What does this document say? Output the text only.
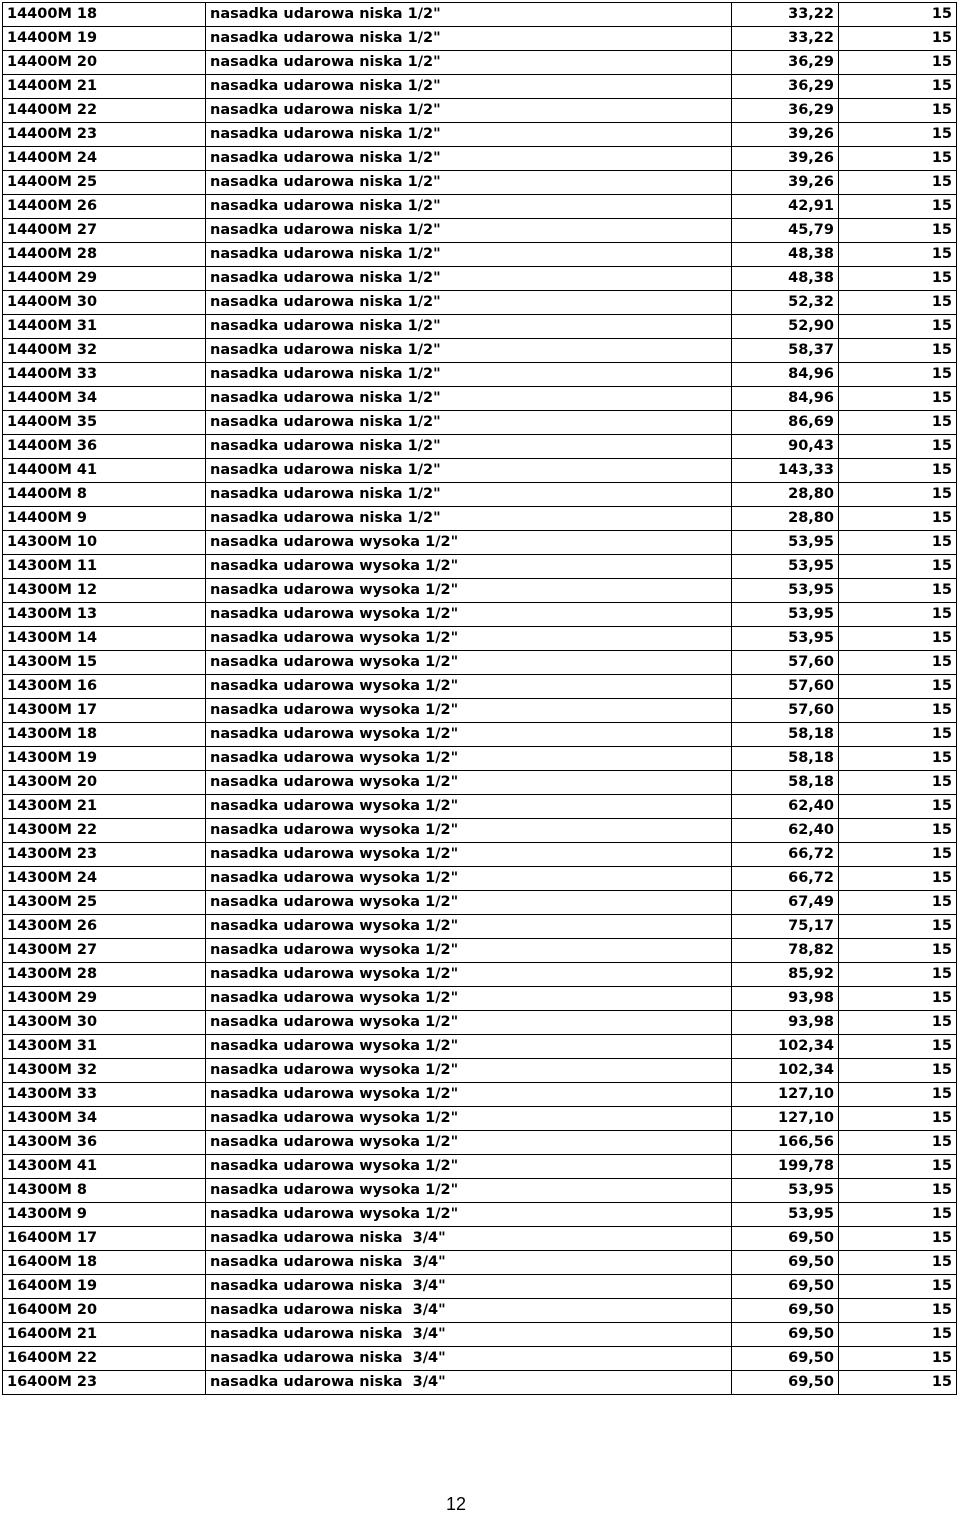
14400M 18	nasadka udarowa niska 1/2"	33,22	15
14400M 19	nasadka udarowa niska 1/2"	33,22	15
14400M 20	nasadka udarowa niska 1/2"	36,29	15
14400M 21	nasadka udarowa niska 1/2"	36,29	15
14400M 22	nasadka udarowa niska 1/2"	36,29	15
14400M 23	nasadka udarowa niska 1/2"	39,26	15
14400M 24	nasadka udarowa niska 1/2"	39,26	15
14400M 25	nasadka udarowa niska 1/2"	39,26	15
14400M 26	nasadka udarowa niska 1/2"	42,91	15
14400M 27	nasadka udarowa niska 1/2"	45,79	15
14400M 28	nasadka udarowa niska 1/2"	48,38	15
14400M 29	nasadka udarowa niska 1/2"	48,38	15
14400M 30	nasadka udarowa niska 1/2"	52,32	15
14400M 31	nasadka udarowa niska 1/2"	52,90	15
14400M 32	nasadka udarowa niska 1/2"	58,37	15
14400M 33	nasadka udarowa niska 1/2"	84,96	15
14400M 34	nasadka udarowa niska 1/2"	84,96	15
14400M 35	nasadka udarowa niska 1/2"	86,69	15
14400M 36	nasadka udarowa niska 1/2"	90,43	15
14400M 41	nasadka udarowa niska 1/2"	143,33	15
14400M 8	nasadka udarowa niska 1/2"	28,80	15
14400M 9	nasadka udarowa niska 1/2"	28,80	15
14300M 10	nasadka udarowa wysoka 1/2"	53,95	15
14300M 11	nasadka udarowa wysoka 1/2"	53,95	15
14300M 12	nasadka udarowa wysoka 1/2"	53,95	15
14300M 13	nasadka udarowa wysoka 1/2"	53,95	15
14300M 14	nasadka udarowa wysoka 1/2"	53,95	15
14300M 15	nasadka udarowa wysoka 1/2"	57,60	15
14300M 16	nasadka udarowa wysoka 1/2"	57,60	15
14300M 17	nasadka udarowa wysoka 1/2"	57,60	15
14300M 18	nasadka udarowa wysoka 1/2"	58,18	15
14300M 19	nasadka udarowa wysoka 1/2"	58,18	15
14300M 20	nasadka udarowa wysoka 1/2"	58,18	15
14300M 21	nasadka udarowa wysoka 1/2"	62,40	15
14300M 22	nasadka udarowa wysoka 1/2"	62,40	15
14300M 23	nasadka udarowa wysoka 1/2"	66,72	15
14300M 24	nasadka udarowa wysoka 1/2"	66,72	15
14300M 25	nasadka udarowa wysoka 1/2"	67,49	15
14300M 26	nasadka udarowa wysoka 1/2"	75,17	15
14300M 27	nasadka udarowa wysoka 1/2"	78,82	15
14300M 28	nasadka udarowa wysoka 1/2"	85,92	15
14300M 29	nasadka udarowa wysoka 1/2"	93,98	15
14300M 30	nasadka udarowa wysoka 1/2"	93,98	15
14300M 31	nasadka udarowa wysoka 1/2"	102,34	15
14300M 32	nasadka udarowa wysoka 1/2"	102,34	15
14300M 33	nasadka udarowa wysoka 1/2"	127,10	15
14300M 34	nasadka udarowa wysoka 1/2"	127,10	15
14300M 36	nasadka udarowa wysoka 1/2"	166,56	15
14300M 41	nasadka udarowa wysoka 1/2"	199,78	15
14300M 8	nasadka udarowa wysoka 1/2"	53,95	15
14300M 9	nasadka udarowa wysoka 1/2"	53,95	15
16400M 17	nasadka udarowa niska  3/4"	69,50	15
16400M 18	nasadka udarowa niska  3/4"	69,50	15
16400M 19	nasadka udarowa niska  3/4"	69,50	15
16400M 20	nasadka udarowa niska  3/4"	69,50	15
16400M 21	nasadka udarowa niska  3/4"	69,50	15
16400M 22	nasadka udarowa niska  3/4"	69,50	15
16400M 23	nasadka udarowa niska  3/4"	69,50	15
12
